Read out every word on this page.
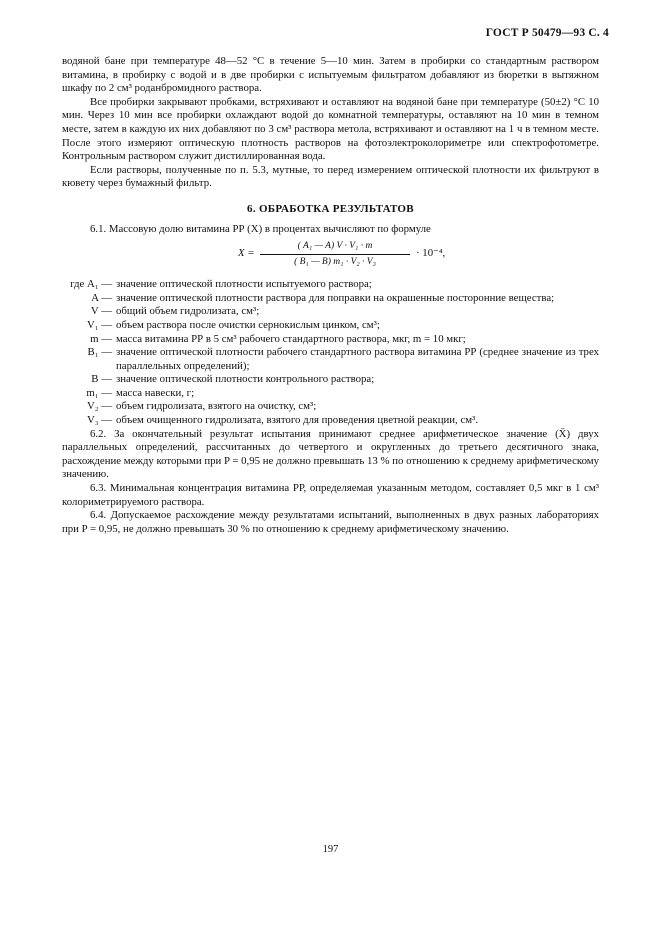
ГОСТ Р 50479—93 С. 4

водяной бане при температуре 48—52 °С в течение 5—10 мин. Затем в пробирки со стандартным раствором витамина, в пробирку с водой и в две пробирки с испытуемым фильтратом добавляют из бюретки в вытяжном шкафу по 2 см³ роданбромидного раствора.

Все пробирки закрывают пробками, встряхивают и оставляют на водяной бане при температуре (50±2) °С 10 мин. Через 10 мин все пробирки охлаждают водой до комнатной температуры, оставляют на 10 мин в темном месте, затем в каждую их них добавляют по 3 см³ раствора метола, встряхивают и оставляют на 1 ч в темном месте. После этого измеряют оптическую плотность растворов на фотоэлектроколориметре или спектрофотометре. Контрольным раствором служит дистиллированная вода.

Если растворы, полученные по п. 5.3, мутные, то перед измерением оптической плотности их фильтруют в кювету через бумажный фильтр.

6. ОБРАБОТКА РЕЗУЛЬТАТОВ

6.1. Массовую долю витамина РР (X) в процентах вычисляют по формуле

X =
( A₁ — A) V · V₁ · m
( B₁ — B) m₁ · V₂ · V₃
· 10⁻⁴,
где A₁ — значение оптической плотности испытуемого раствора;
A — значение оптической плотности раствора для поправки на окрашенные посторонние вещества;
V — общий объем гидролизата, см³;
V₁ — объем раствора после очистки сернокислым цинком, см³;
m — масса витамина РР в 5 см³ рабочего стандартного раствора, мкг, m = 10 мкг;
B₁ — значение оптической плотности рабочего стандартного раствора витамина РР (среднее значение из трех параллельных определений);
B — значение оптической плотности контрольного раствора;
m₁ — масса навески, г;
V₂ — объем гидролизата, взятого на очистку, см³;
V₃ — объем очищенного гидролизата, взятого для проведения цветной реакции, см³.

6.2. За окончательный результат испытания принимают среднее арифметическое значение (X̄) двух параллельных определений, рассчитанных до четвертого и округленных до третьего десятичного знака, расхождение между которыми при P = 0,95 не должно превышать 13 % по отношению к среднему арифметическому значению.

6.3. Минимальная концентрация витамина РР, определяемая указанным методом, составляет 0,5 мкг в 1 см³ колориметрируемого раствора.

6.4. Допускаемое расхождение между результатами испытаний, выполненных в двух разных лабораториях при P = 0,95, не должно превышать 30 % по отношению к среднему арифметическому значению.

197
